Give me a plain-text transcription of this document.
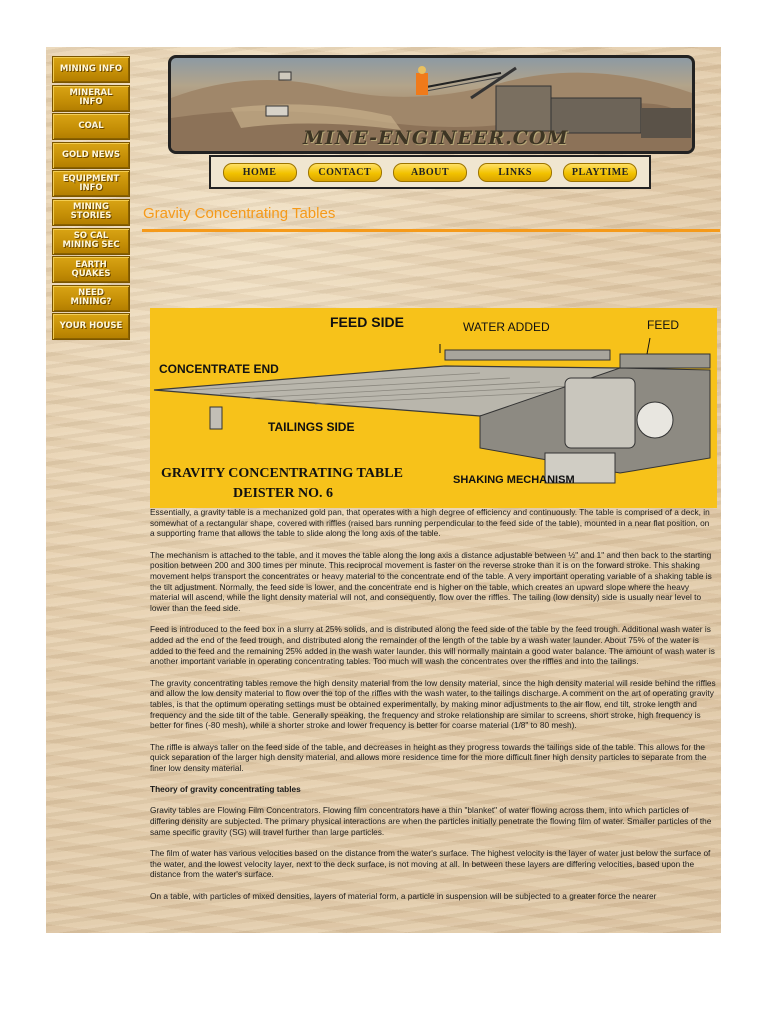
MINING INFO
MINERAL INFO
COAL
GOLD NEWS
EQUIPMENT INFO
MINING STORIES
SO CAL MINING SEC
EARTH QUAKES
NEED MINING?
YOUR HOUSE
MINE-ENGINEER.COM
HOME	CONTACT	ABOUT	LINKS	PLAYTIME
Gravity Concentrating Tables
FEED SIDE	WATER ADDED	FEED
CONCENTRATE END
TAILINGS SIDE
GRAVITY CONCENTRATING TABLE
DEISTER NO. 6
SHAKING MECHANISM

Essentially, a gravity table is a mechanized gold pan, that operates with a high degree of efficiency and continuously. The table is comprised of a deck, in somewhat of a rectangular shape, covered with riffles (raised bars running perpendicular to the feed side of the table), mounted in a near flat position, on a supporting frame that allows the table to slide along the long axis of the table.

The mechanism is attached to the table, and it moves the table along the long axis a distance adjustable between ½" and 1" and then back to the starting position between 200 and 300 times per minute. This reciprocal movement is faster on the reverse stroke than it is on the forward stroke. This shaking movement helps transport the concentrates or heavy material to the concentrate end of the table. A very important operating variable of a shaking table is the tilt adjustment. Normally, the feed side is lower, and the concentrate end is higher on the table, which creates an upward slope where the heavy material will ascend, while the light density material will not, and consequently, flow over the riffles. The tailing (low density) side is usually near level to lower than the feed side.

Feed is introduced to the feed box in a slurry at 25% solids, and is distributed along the feed side of the table by the feed trough. Additional wash water is added ad the end of the feed trough, and distributed along the remainder of the length of the table by a wash water launder. About 75% of the water is added to the feed and the remaining 25% added in the wash water launder. this will normally maintain a good water balance. The amount of wash water is another important variable in operating concentrating tables. Too much will wash the concentrates over the riffles and into the tailings.

The gravity concentrating tables remove the high density material from the low density material, since the high density material will reside behind the riffles and allow the low density material to flow over the top of the riffles with the wash water, to the tailings discharge. A comment on the art of operating gravity tables, is that the optimum operating settings must be obtained experimentally, by making minor adjustments to the air flow, end tilt, stroke length and frequency and the side tilt of the table. Generally speaking, the frequency and stroke relationship are similar to screens, short stroke, high frequency is better for fines (-80 mesh), while a shorter stroke and lower frequency is better for coarse material (1/8" to 80 mesh).

The riffle is always taller on the feed side of the table, and decreases in height as they progress towards the tailings side of the table. This allows for the quick separation of the larger high density material, and allows more residence time for the more difficult finer high density particles to separate from the finer low density material.

Theory of gravity concentrating tables

Gravity tables are Flowing Film Concentrators. Flowing film concentrators have a thin "blanket" of water flowing across them, into which particles of differing density are subjected. The primary physical interactions are when the particles initially penetrate the flowing film of water. Smaller particles of the same specific gravity (SG) will travel further than large particles.

The film of water has various velocities based on the distance from the water's surface. The highest velocity is the layer of water just below the surface of the water, and the lowest velocity layer, next to the deck surface, is not moving at all. In between these layers are differing velocities, based upon the distance from the water's surface.

On a table, with particles of mixed densities, layers of material form, a particle in suspension will be subjected to a greater force the nearer
